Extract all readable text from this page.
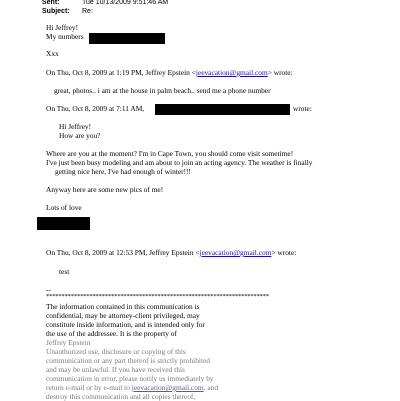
Sent:	Tue 10/13/2009 9:51:46 AM
Subject: Re:
Hi Jeffrey!
My numbers
Xxx
On Thu, Oct 8, 2009 at 1:19 PM, Jeffrey Epstein <jeevacation@gmail.com> wrote:
great, photos.. i am at the house in palm beach.. send me a phone number
On Thu, Oct 8, 2009 at 7:11 AM,	wrote:
Hi Jeffrey!
How are you?
Where are you at the moment? I'm in Cape Town, you should come visit sometime!
I've just been busy modeling and am about to join an acting agency. The weather is finally
getting nice here, I've had enough of winter!!!
Anyway here are some new pics of me!
Lots of love
On Thu, Oct 8, 2009 at 12:53 PM, Jeffrey Epstein <jeevacation@gmail.com> wrote:
test
--
************************************************************************
The information contained in this communication is
confidential, may be attorney-client privileged, may
constitute inside information, and is intended only for
the use of the addressee. It is the property of
Jeffrey Epstein
Unauthorized use, disclosure or copying of this
communication or any part thereof is strictly prohibited
and may be unlawful. If you have received this
communication in error, please notify us immediately by
return e-mail or by e-mail to jeevacation@gmail.com, and
destroy this communication and all copies thereof,
